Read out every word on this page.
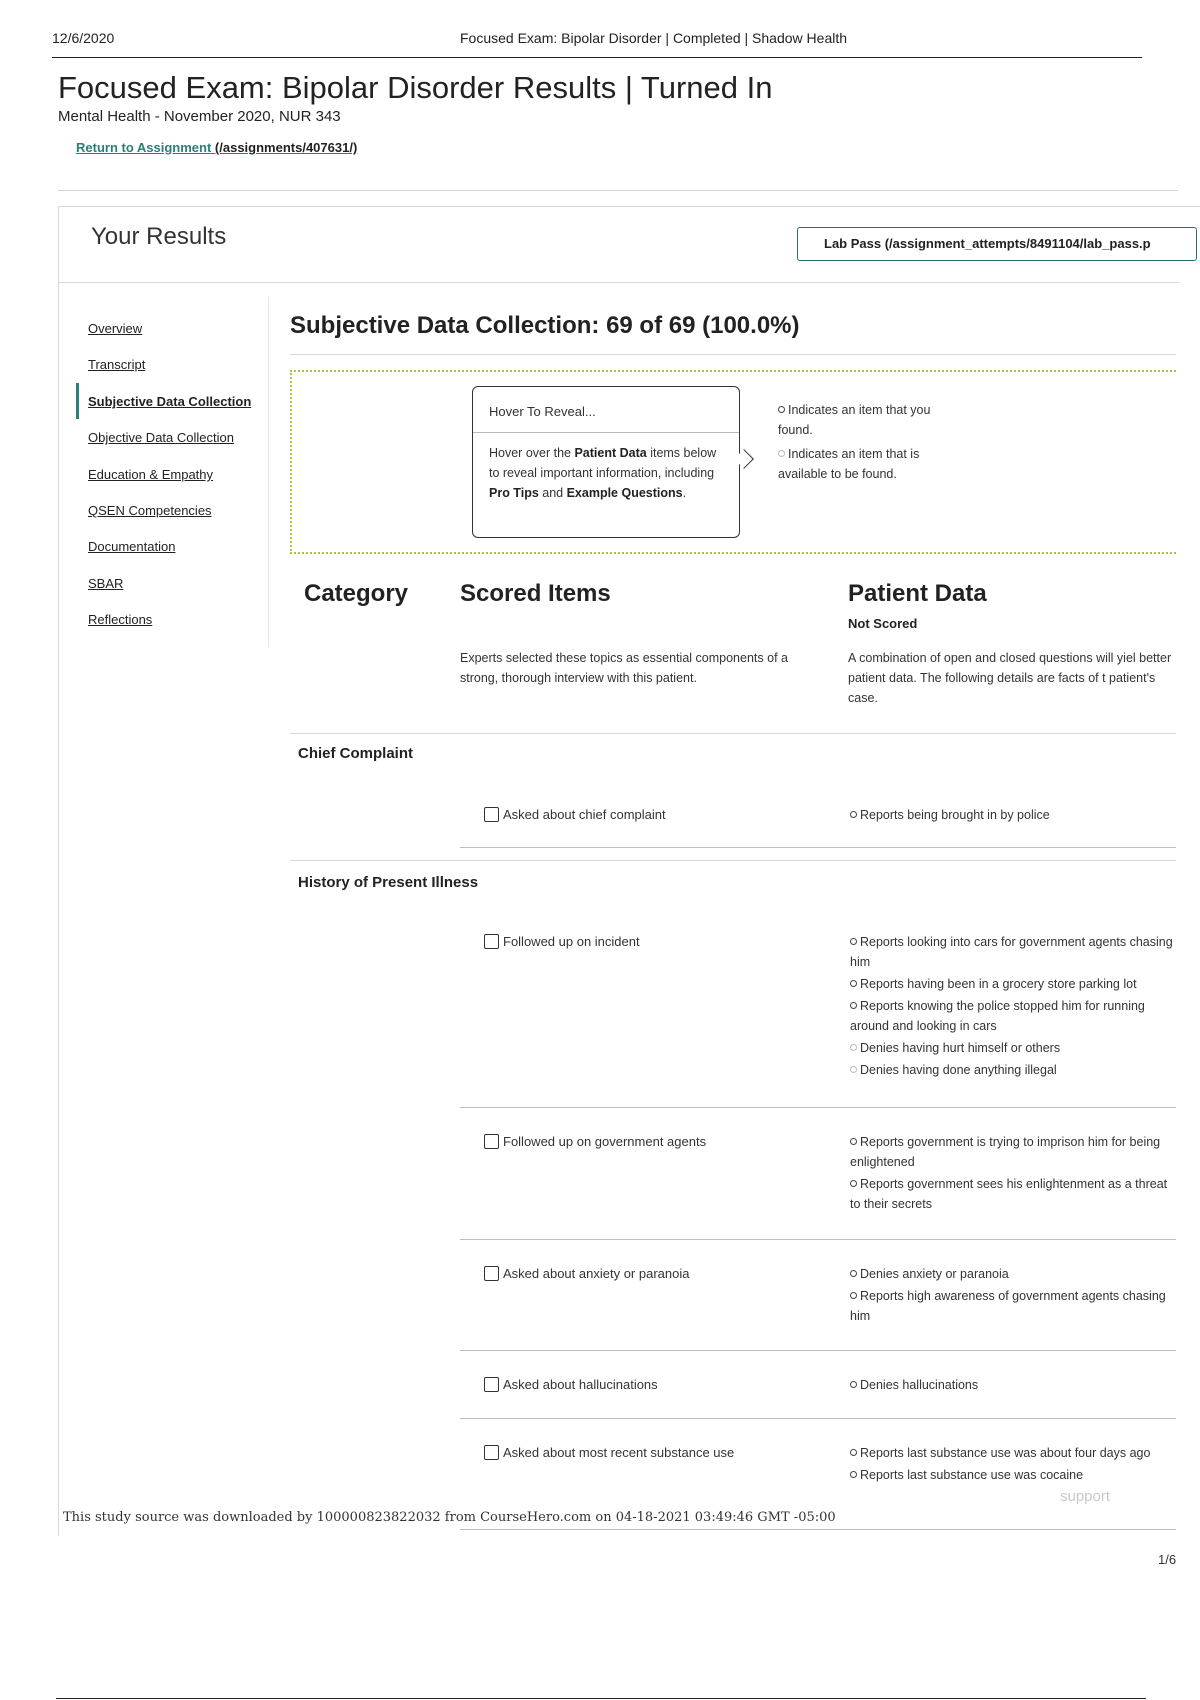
12/6/2020	Focused Exam: Bipolar Disorder | Completed | Shadow Health
Focused Exam: Bipolar Disorder Results | Turned In
Mental Health - November 2020, NUR 343
Return to Assignment (/assignments/407631/)
Your Results	Lab Pass (/assignment_attempts/8491104/lab_pass.p
Overview
Transcript
Subjective Data Collection
Objective Data Collection
Education & Empathy
QSEN Competencies
Documentation
SBAR
Reflections
Subjective Data Collection: 69 of 69 (100.0%)
Hover To Reveal...
Hover over the Patient Data items below to reveal important information, including Pro Tips and Example Questions.
Indicates an item that you found.
Indicates an item that is available to be found.
Category Scored Items	Patient Data
Not Scored
Experts selected these topics as essential components of a strong, thorough interview with this patient.
A combination of open and closed questions will yiel better patient data. The following details are facts of t patient's case.
Chief Complaint
Asked about chief complaint	Reports being brought in by police
History of Present Illness
Followed up on incident	Reports looking into cars for government agents chasing him
Reports having been in a grocery store parking lot
Reports knowing the police stopped him for running around and looking in cars
Denies having hurt himself or others
Denies having done anything illegal
Followed up on government agents	Reports government is trying to imprison him for being enlightened
Reports government sees his enlightenment as a threat to their secrets
Asked about anxiety or paranoia	Denies anxiety or paranoia
Reports high awareness of government agents chasing him
Asked about hallucinations	Denies hallucinations
Asked about most recent substance use	Reports last substance use was about four days ago
Reports last substance use was cocaine
support
This study source was downloaded by 100000823822032 from CourseHero.com on 04-18-2021 03:49:46 GMT -05:00
1/6
